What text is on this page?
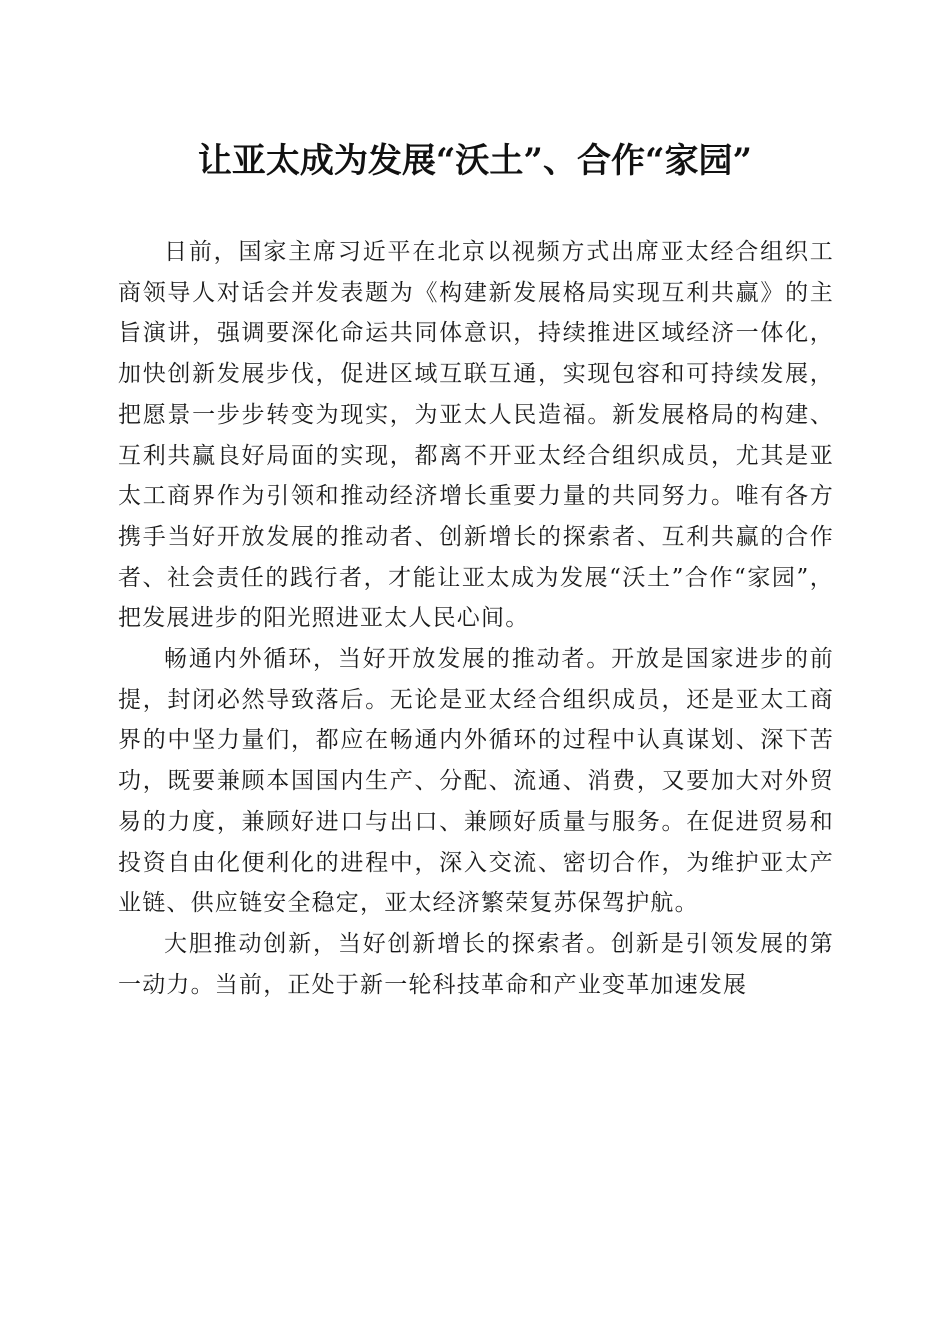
让亚太成为发展“沃土”、合作“家园”

日前，国家主席习近平在北京以视频方式出席亚太经合组织工商领导人对话会并发表题为《构建新发展格局实现互利共赢》的主旨演讲，强调要深化命运共同体意识，持续推进区域经济一体化，加快创新发展步伐，促进区域互联互通，实现包容和可持续发展，把愿景一步步转变为现实，为亚太人民造福。新发展格局的构建、互利共赢良好局面的实现，都离不开亚太经合组织成员，尤其是亚太工商界作为引领和推动经济增长重要力量的共同努力。唯有各方携手当好开放发展的推动者、创新增长的探索者、互利共赢的合作者、社会责任的践行者，才能让亚太成为发展“沃土”合作“家园”，把发展进步的阳光照进亚太人民心间。

畅通内外循环，当好开放发展的推动者。开放是国家进步的前提，封闭必然导致落后。无论是亚太经合组织成员，还是亚太工商界的中坚力量们，都应在畅通内外循环的过程中认真谋划、深下苦功，既要兼顾本国国内生产、分配、流通、消费，又要加大对外贸易的力度，兼顾好进口与出口、兼顾好质量与服务。在促进贸易和投资自由化便利化的进程中，深入交流、密切合作，为维护亚太产业链、供应链安全稳定，亚太经济繁荣复苏保驾护航。

大胆推动创新，当好创新增长的探索者。创新是引领发展的第一动力。当前，正处于新一轮科技革命和产业变革加速发展
